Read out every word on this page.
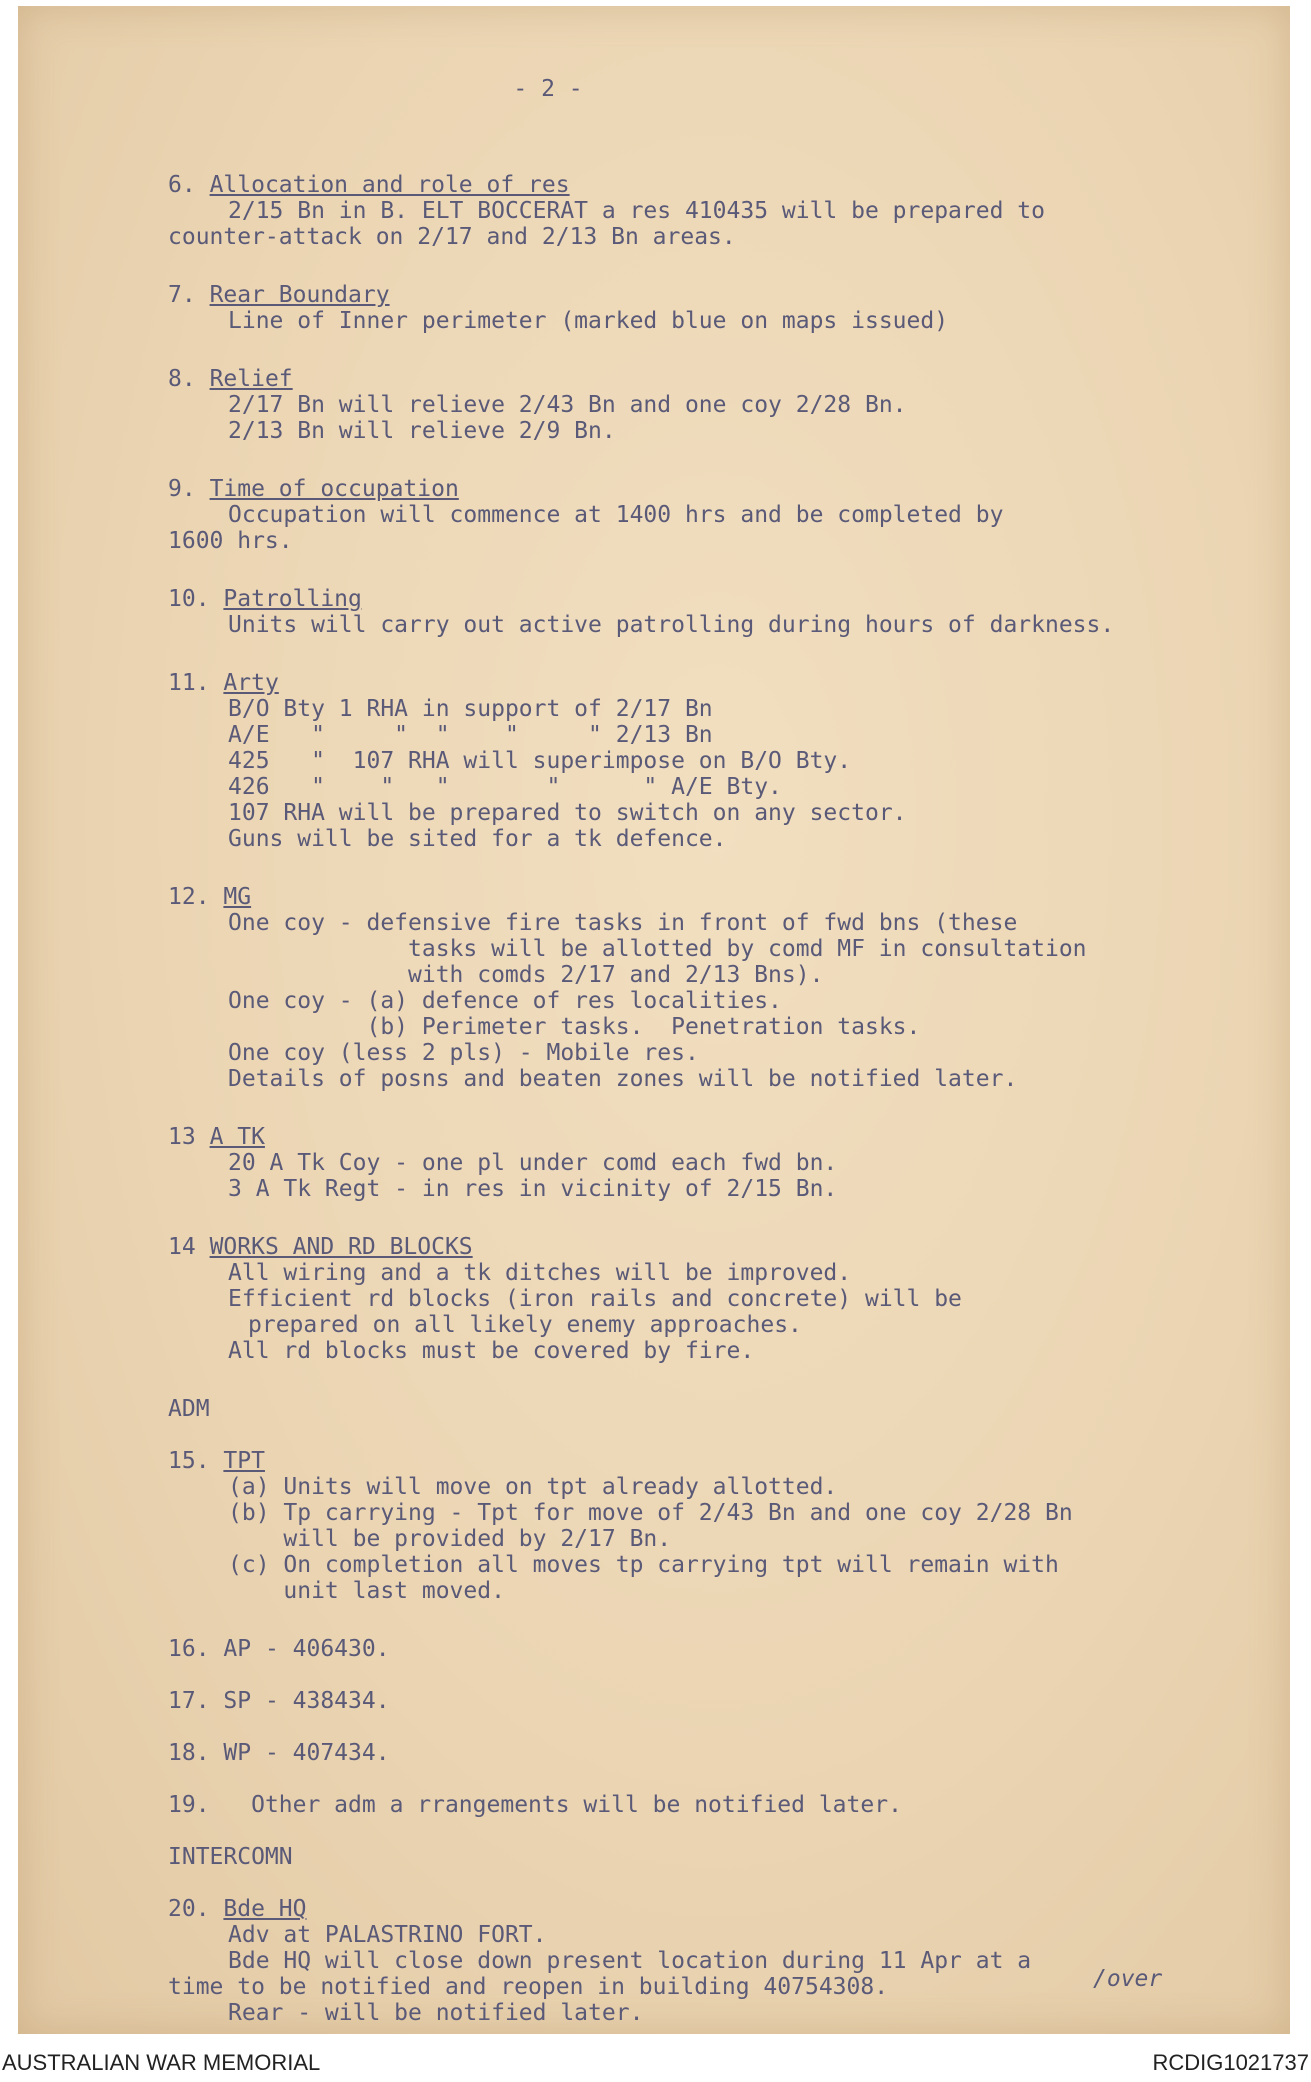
- 2 -
6. Allocation and role of res
2/15 Bn in B. ELT BOCCERAT a res 410435 will be prepared to
counter-attack on 2/17 and 2/13 Bn areas.
7. Rear Boundary
Line of Inner perimeter (marked blue on maps issued)
8. Relief
2/17 Bn will relieve 2/43 Bn and one coy 2/28 Bn.
2/13 Bn will relieve 2/9 Bn.
9. Time of occupation
Occupation will commence at 1400 hrs and be completed by
1600 hrs.
10. Patrolling
Units will carry out active patrolling during hours of darkness.
11. Arty
B/O Bty 1 RHA in support of 2/17 Bn
A/E   "     "  "    "     " 2/13 Bn
425   "  107 RHA will superimpose on B/O Bty.
426   "    "   "       "      " A/E Bty.
107 RHA will be prepared to switch on any sector.
Guns will be sited for a tk defence.
12. MG
One coy - defensive fire tasks in front of fwd bns (these
tasks will be allotted by comd MF in consultation
with comds 2/17 and 2/13 Bns).
One coy - (a) defence of res localities.
(b) Perimeter tasks.  Penetration tasks.
One coy (less 2 pls) - Mobile res.
Details of posns and beaten zones will be notified later.
13 A TK
20 A Tk Coy - one pl under comd each fwd bn.
3 A Tk Regt - in res in vicinity of 2/15 Bn.
14 WORKS AND RD BLOCKS
All wiring and a tk ditches will be improved.
Efficient rd blocks (iron rails and concrete) will be
prepared on all likely enemy approaches.
All rd blocks must be covered by fire.
ADM
15. TPT
(a) Units will move on tpt already allotted.
(b) Tp carrying - Tpt for move of 2/43 Bn and one coy 2/28 Bn
will be provided by 2/17 Bn.
(c) On completion all moves tp carrying tpt will remain with
unit last moved.
16. AP - 406430.
17. SP - 438434.
18. WP - 407434.
19.   Other adm a rrangements will be notified later.
INTERCOMN
20. Bde HQ
Adv at PALASTRINO FORT.
Bde HQ will close down present location during 11 Apr at a
time to be notified and reopen in building 40754308.
Rear - will be notified later.
/over
AUSTRALIAN WAR MEMORIAL	RCDIG1021737
